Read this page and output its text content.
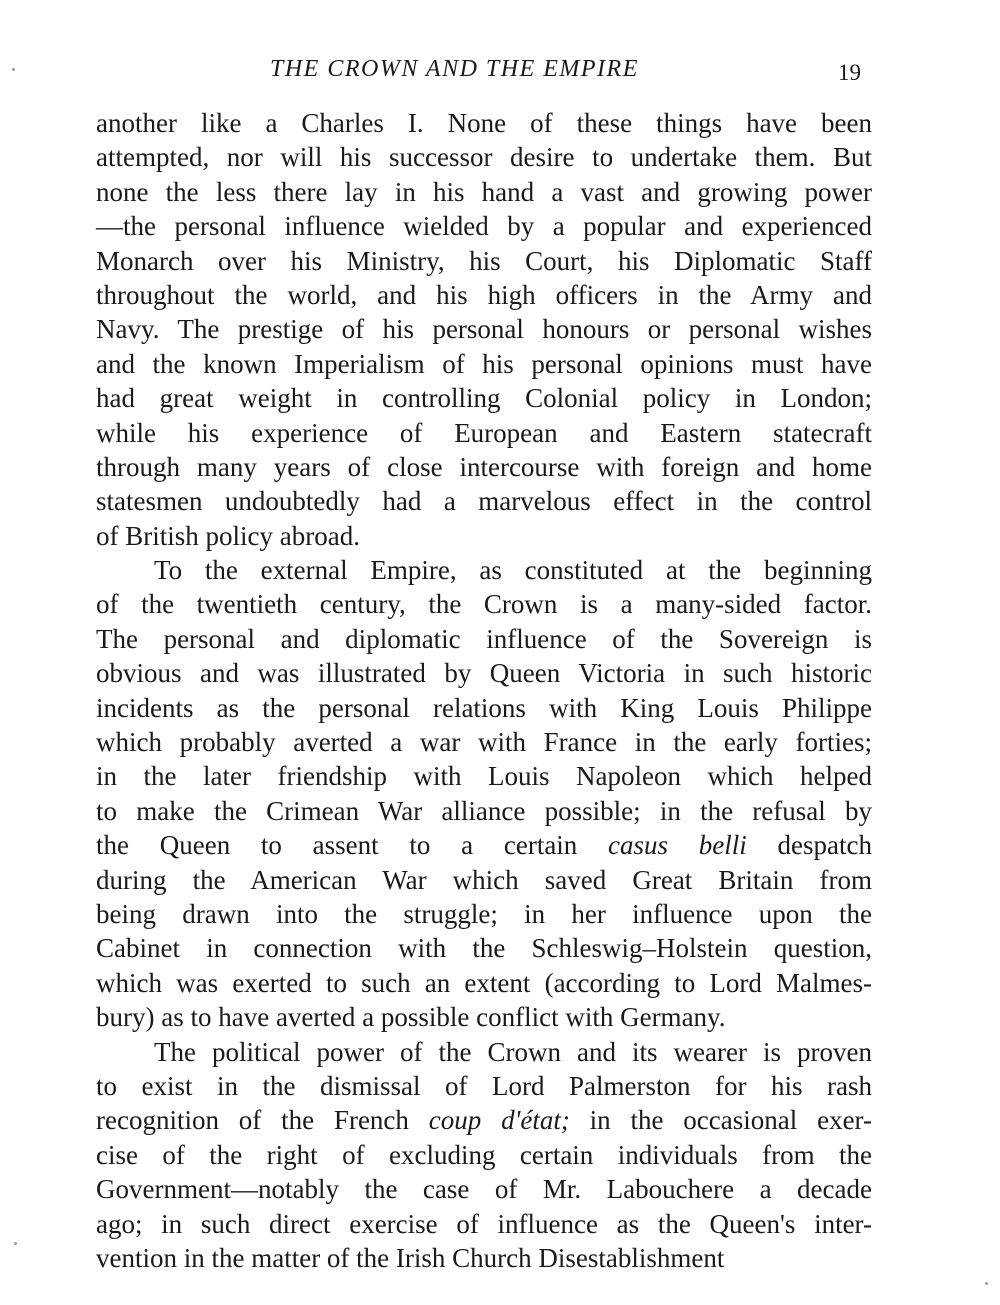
THE CROWN AND THE EMPIRE	19
another like a Charles I. None of these things have been
attempted, nor will his successor desire to undertake them. But
none the less there lay in his hand a vast and growing power
—the personal influence wielded by a popular and experienced
Monarch over his Ministry, his Court, his Diplomatic Staff
throughout the world, and his high officers in the Army and
Navy. The prestige of his personal honours or personal wishes
and the known Imperialism of his personal opinions must have
had great weight in controlling Colonial policy in London;
while his experience of European and Eastern statecraft
through many years of close intercourse with foreign and home
statesmen undoubtedly had a marvelous effect in the control
of British policy abroad.
To the external Empire, as constituted at the beginning
of the twentieth century, the Crown is a many-sided factor.
The personal and diplomatic influence of the Sovereign is
obvious and was illustrated by Queen Victoria in such historic
incidents as the personal relations with King Louis Philippe
which probably averted a war with France in the early forties;
in the later friendship with Louis Napoleon which helped
to make the Crimean War alliance possible; in the refusal by
the Queen to assent to a certain casus belli despatch
during the American War which saved Great Britain from
being drawn into the struggle; in her influence upon the
Cabinet in connection with the Schleswig–Holstein question,
which was exerted to such an extent (according to Lord Malmes-
bury) as to have averted a possible conflict with Germany.
The political power of the Crown and its wearer is proven
to exist in the dismissal of Lord Palmerston for his rash
recognition of the French coup d'état; in the occasional exer-
cise of the right of excluding certain individuals from the
Government—notably the case of Mr. Labouchere a decade
ago; in such direct exercise of influence as the Queen's inter-
vention in the matter of the Irish Church Disestablishment
